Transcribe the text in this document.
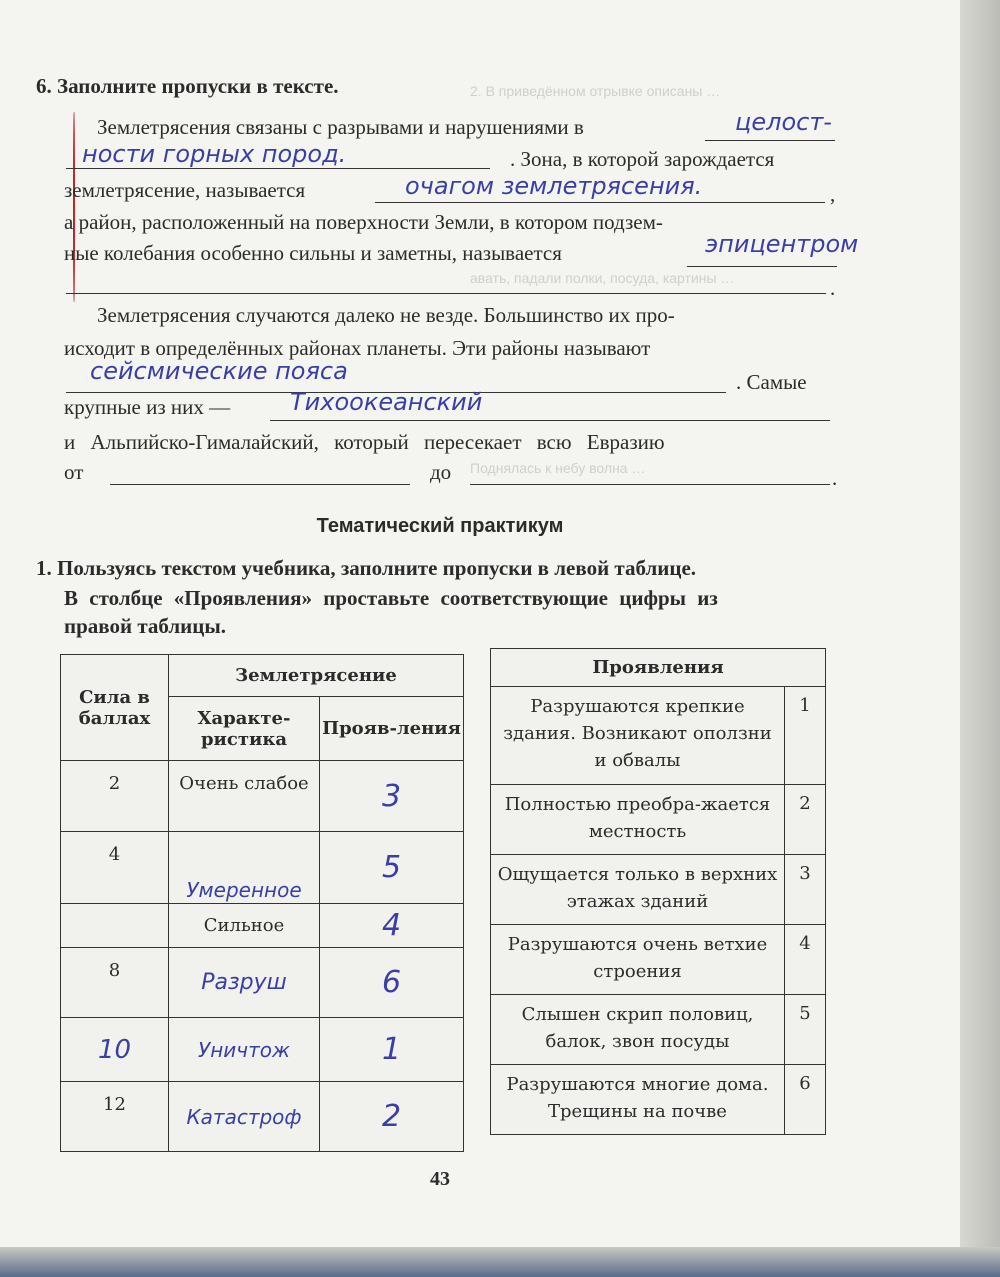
2. В приведённом отрывке описаны …
авать, падали полки, посуда, картины …
Поднялась к небу волна …
6. Заполните пропуски в тексте.
Землетрясения связаны с разрывами и нарушениями в	целост-
ности горных пород.	. Зона, в которой зарождается
землетрясение, называется	очагом землетрясения.	,
а район, расположенный на поверхности Земли, в котором подзем-
ные колебания особенно сильны и заметны, называется	эпицентром
.
Землетрясения случаются далеко не везде. Большинство их про-
исходит в определённых районах планеты. Эти районы называют
сейсмические пояса	. Самые
крупные из них — Тихоокеанский
и Альпийско-Гималайский, который пересекает всю Евразию
от	до	.
Тематический практикум
1. Пользуясь текстом учебника, заполните пропуски в левой таблице.
В столбце «Проявления» проставьте соответствующие цифры из
правой таблицы.
Сила в баллах	Землетрясение	
	Характе-ристика	Прояв-ления
2	Очень слабое	3
4	Умеренное	5
	Сильное	4
8	Разруш	6
10	Уничтож	1
12	Катастроф	2
Проявления	
Разрушаются крепкие здания. Возникают оползни и обвалы	1
Полностью преобра-жается местность	2
Ощущается только в верхних этажах зданий	3
Разрушаются очень ветхие строения	4
Слышен скрип половиц, балок, звон посуды	5
Разрушаются многие дома. Трещины на почве	6
43
